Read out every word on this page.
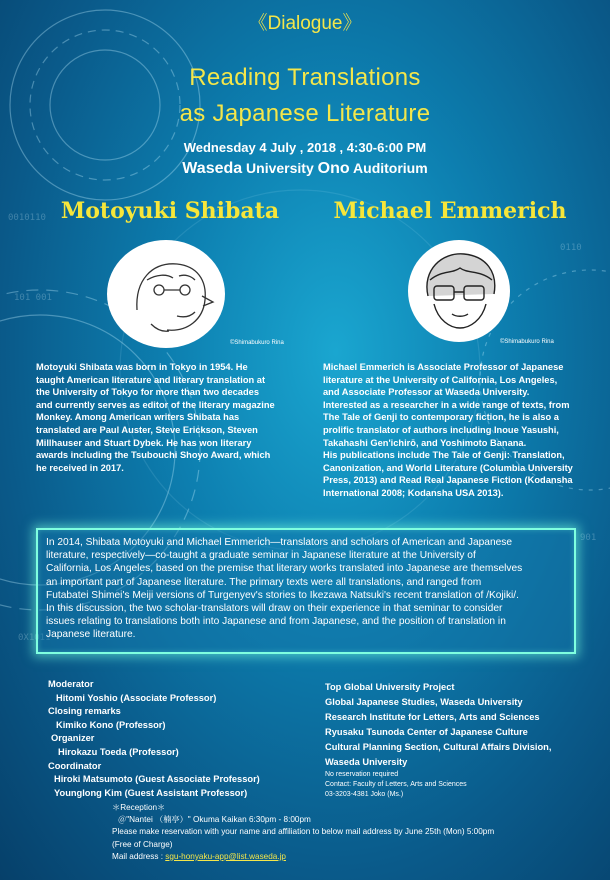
0010110
101 001
0110
901
0X1011
《Dialogue》
Reading Translations
as Japanese Literature
Wednesday 4 July , 2018 , 4:30-6:00 PM
Waseda University Ono Auditorium
Motoyuki Shibata	Michael Emmerich
©Shimabukuro Rina	©Shimabukuro Rina
Motoyuki Shibata was born in Tokyo in 1954. He
taught American literature and literary translation at
the University of Tokyo for more than two decades
and currently serves as editor of the literary magazine
Monkey. Among American writers Shibata has
translated are Paul Auster, Steve Erickson, Steven
Millhauser and Stuart Dybek. He has won literary
awards including the Tsubouchi Shoyo Award, which
he received in 2017.
Michael Emmerich is Associate Professor of Japanese
literature at the University of California, Los Angeles,
and Associate Professor at Waseda University.
Interested as a researcher in a wide range of texts, from
The Tale of Genji to contemporary fiction, he is also a
prolific translator of authors including Inoue Yasushi,
Takahashi Gen'ichirō, and Yoshimoto Banana.
His publications include The Tale of Genji: Translation,
Canonization, and World Literature (Columbia University
Press, 2013) and Read Real Japanese Fiction (Kodansha
International 2008; Kodansha USA 2013).
In 2014, Shibata Motoyuki and Michael Emmerich—translators and scholars of American and Japanese
literature, respectively—co-taught a graduate seminar in Japanese literature at the University of
California, Los Angeles, based on the premise that literary works translated into Japanese are themselves
an important part of Japanese literature. The primary texts were all translations, and ranged from
Futabatei Shimei's Meiji versions of Turgenyev's stories to Ikezawa Natsuki's recent translation of /Kojiki/.
In this discussion, the two scholar-translators will draw on their experience in that seminar to consider
issues relating to translations both into Japanese and from Japanese, and the position of translation in
Japanese literature.
Moderator
Hitomi Yoshio (Associate Professor)
Closing remarks
Kimiko Kono (Professor)
Organizer
Hirokazu Toeda (Professor)
Coordinator
Hiroki Matsumoto (Guest Associate Professor)
Younglong Kim (Guest Assistant Professor)
Top Global University Project
Global Japanese Studies, Waseda University
Research Institute for Letters, Arts and Sciences
Ryusaku Tsunoda Center of Japanese Culture
Cultural Planning Section, Cultural Affairs Division,
Waseda University
No reservation required
Contact: Faculty of Letters, Arts and Sciences
03-3203-4381 Joko (Ms.)
＊Reception＊
＠"Nantei （楠亭）" Okuma Kaikan 6:30pm - 8:00pm
Please make reservation with your name and affiliation to below mail address by June 25th (Mon) 5:00pm
(Free of Charge)
Mail address : sgu-honyaku-app@list.waseda.jp
